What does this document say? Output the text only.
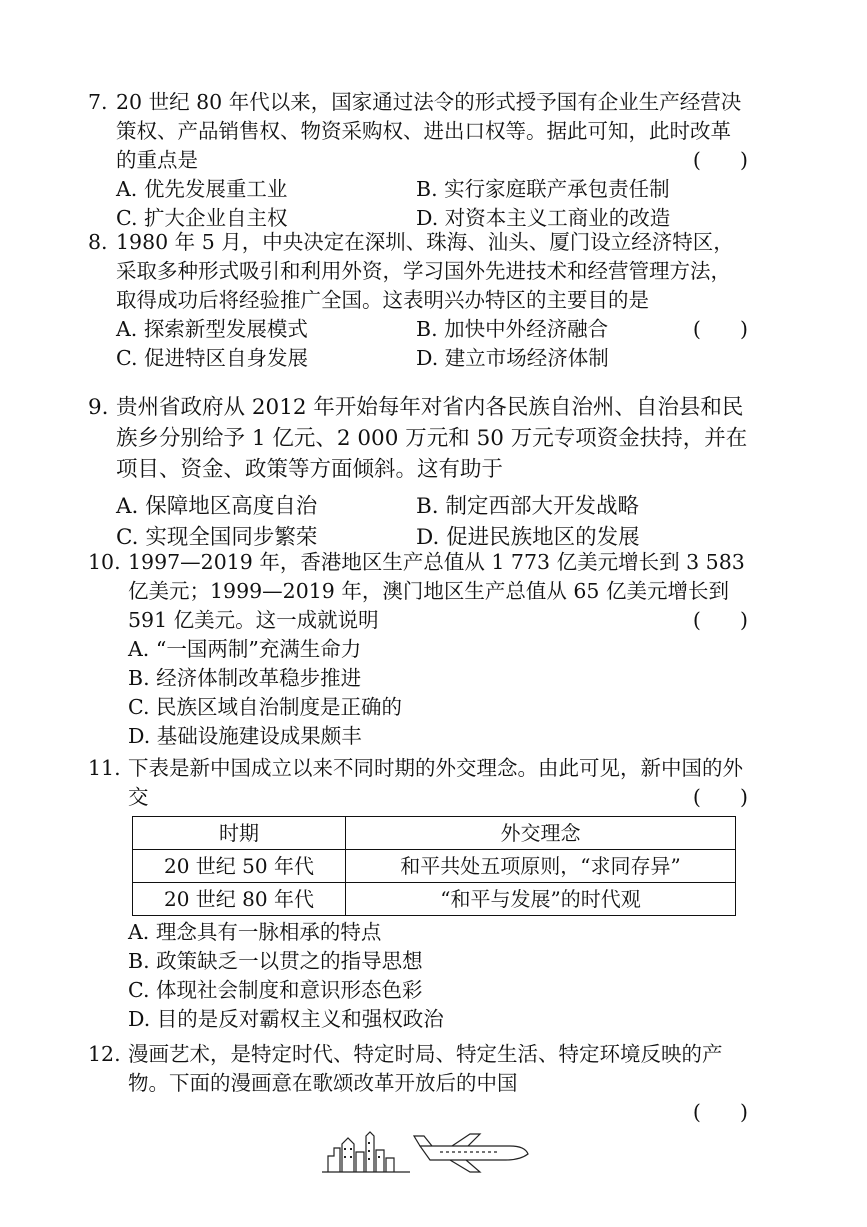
7. 20 世纪 80 年代以来，国家通过法令的形式授予国有企业生产经营决策权、产品销售权、物资采购权、进出口权等。据此可知，此时改革的重点是	(      )
A. 优先发展重工业	B. 实行家庭联产承包责任制
C. 扩大企业自主权	D. 对资本主义工商业的改造
8. 1980 年 5 月，中央决定在深圳、珠海、汕头、厦门设立经济特区，采取多种形式吸引和利用外资，学习国外先进技术和经营管理方法，取得成功后将经验推广全国。这表明兴办特区的主要目的是
(      )
A. 探索新型发展模式	B. 加快中外经济融合
C. 促进特区自身发展	D. 建立市场经济体制
9. 贵州省政府从 2012 年开始每年对省内各民族自治州、自治县和民族乡分别给予 1 亿元、2 000 万元和 50 万元专项资金扶持，并在项目、资金、政策等方面倾斜。这有助于
A. 保障地区高度自治	B. 制定西部大开发战略
C. 实现全国同步繁荣	D. 促进民族地区的发展
10. 1997—2019 年，香港地区生产总值从 1 773 亿美元增长到 3 583 亿美元；1999—2019 年，澳门地区生产总值从 65 亿美元增长到 591 亿美元。这一成就说明	(      )
A. “一国两制”充满生命力
B. 经济体制改革稳步推进
C. 民族区域自治制度是正确的
D. 基础设施建设成果颇丰
11. 下表是新中国成立以来不同时期的外交理念。由此可见，新中国的外交	(      )
时期	外交理念
20 世纪 50 年代	和平共处五项原则，“求同存异”
20 世纪 80 年代	“和平与发展”的时代观
A. 理念具有一脉相承的特点
B. 政策缺乏一以贯之的指导思想
C. 体现社会制度和意识形态色彩
D. 目的是反对霸权主义和强权政治
12. 漫画艺术，是特定时代、特定时局、特定生活、特定环境反映的产物。下面的漫画意在歌颂改革开放后的中国
(      )
